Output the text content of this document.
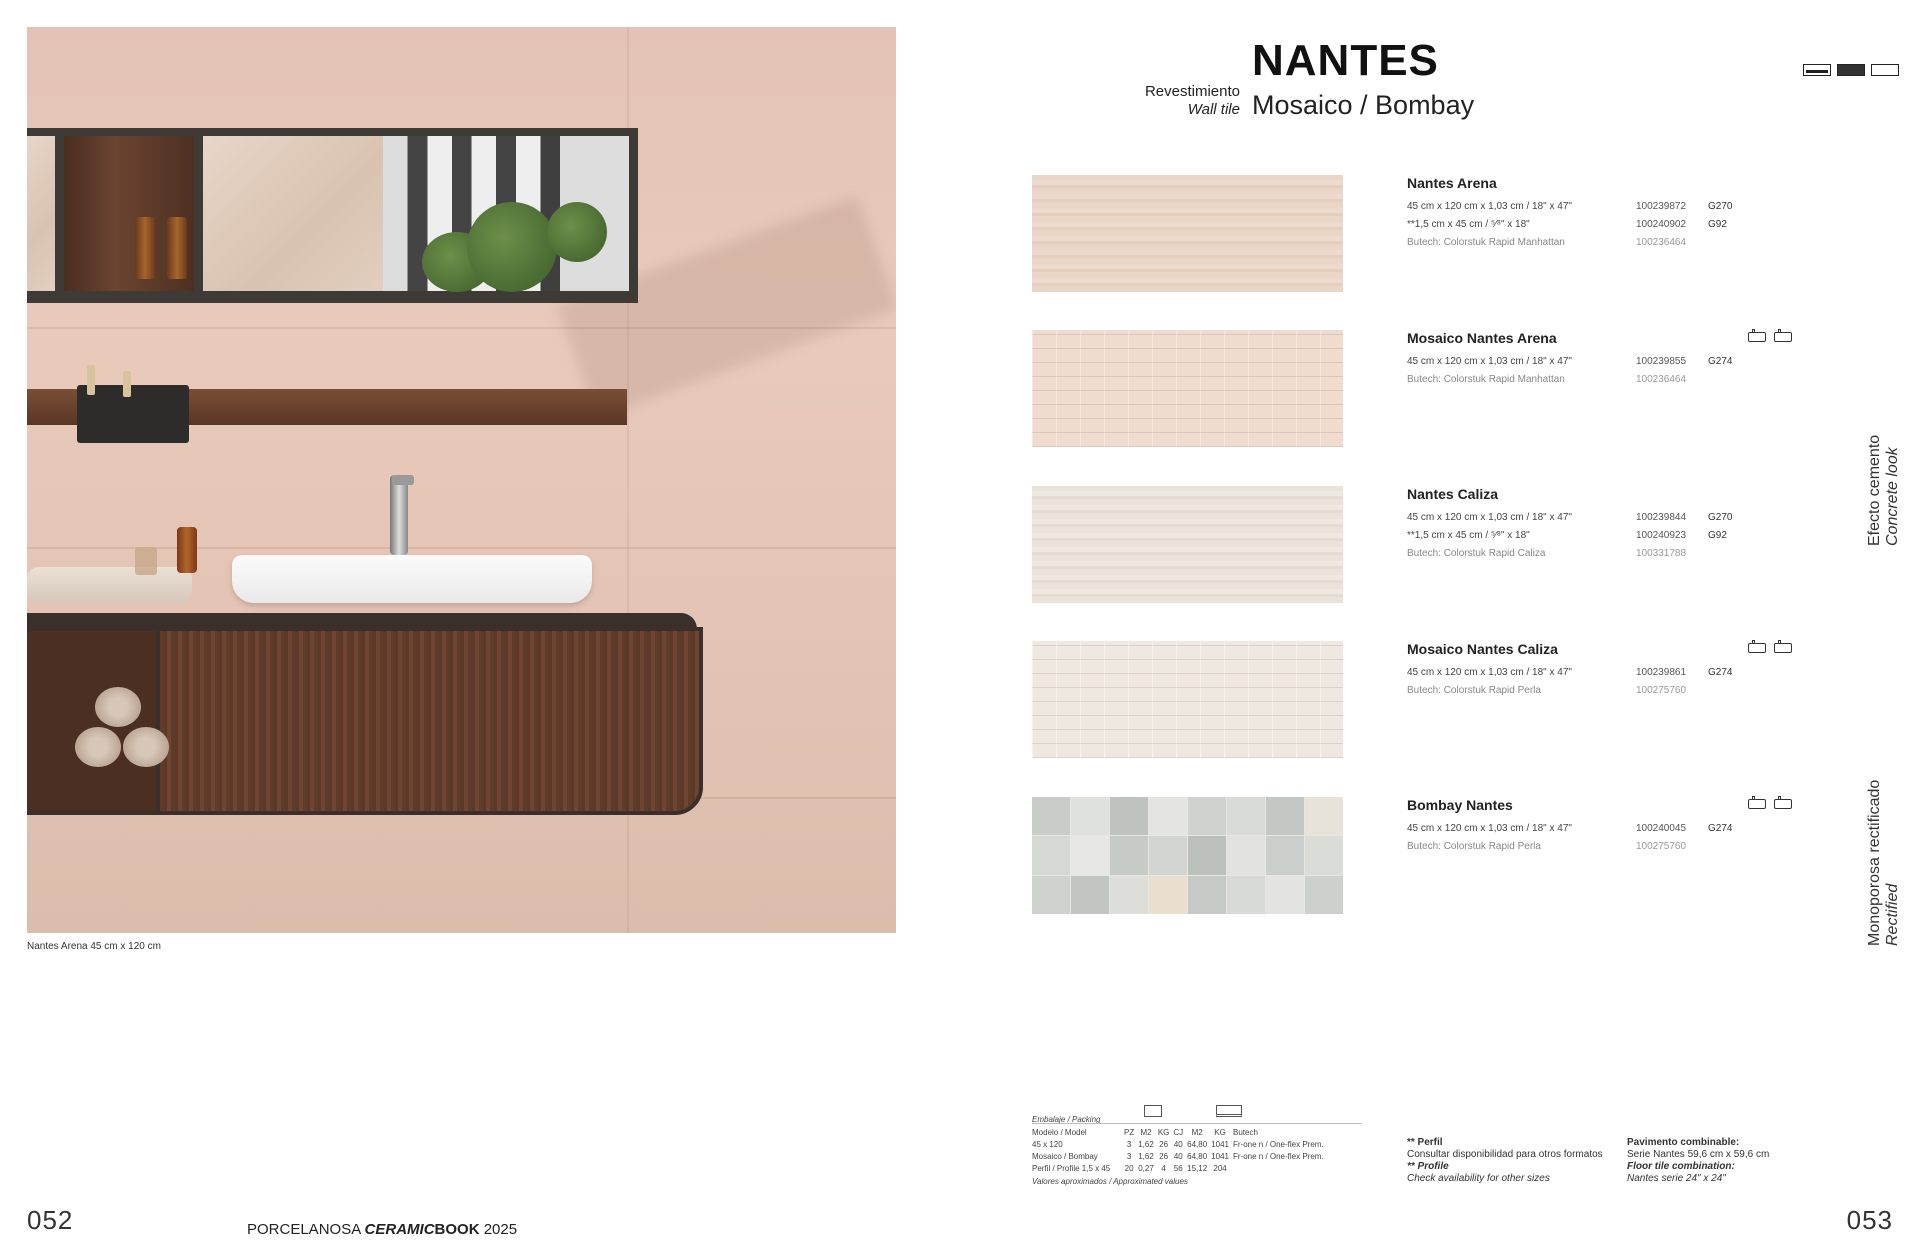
Nantes Arena 45 cm x 120 cm
Revestimiento
Wall tile
NANTES
Mosaico / Bombay
Nantes Arena
45 cm x 120 cm x 1,03 cm / 18" x 47"	100239872 G270
**1,5 cm x 45 cm / ⁵⁄⁸" x 18"	100240902 G92
Butech: Colorstuk Rapid Manhattan	100236464
Mosaico Nantes Arena
45 cm x 120 cm x 1,03 cm / 18" x 47"	100239855 G274
Butech: Colorstuk Rapid Manhattan	100236464
Nantes Caliza
45 cm x 120 cm x 1,03 cm / 18" x 47"	100239844 G270
**1,5 cm x 45 cm / ⁵⁄⁸" x 18"	100240923 G92
Butech: Colorstuk Rapid Caliza	100331788
Mosaico Nantes Caliza
45 cm x 120 cm x 1,03 cm / 18" x 47"	100239861 G274
Butech: Colorstuk Rapid Perla	100275760
Bombay Nantes
45 cm x 120 cm x 1,03 cm / 18" x 47"	100240045 G274
Butech: Colorstuk Rapid Perla	100275760
Efecto cemento Concrete look
Monoporosa rectificado Rectified
Embalaje / Packing
Modelo / Model	PZ	M2	KG	CJ	M2	KG	Butech
45 x 120	3	1,62	26	40	64,80	1041	Fr-one n / One-flex Prem.
Mosaico / Bombay	3	1,62	26	40	64,80	1041	Fr-one n / One-flex Prem.
Perfil / Profile 1,5 x 45	20	0,27	4	56	15,12	204	
Valores aproximados / Approximated values
** Perfil
Consultar disponibilidad para otros formatos
** Profile
Check availability for other sizes
Pavimento combinable:
Serie Nantes 59,6 cm x 59,6 cm
Floor tile combination:
Nantes serie 24" x 24"
052	PORCELANOSA CERAMICBOOK 2025	053
